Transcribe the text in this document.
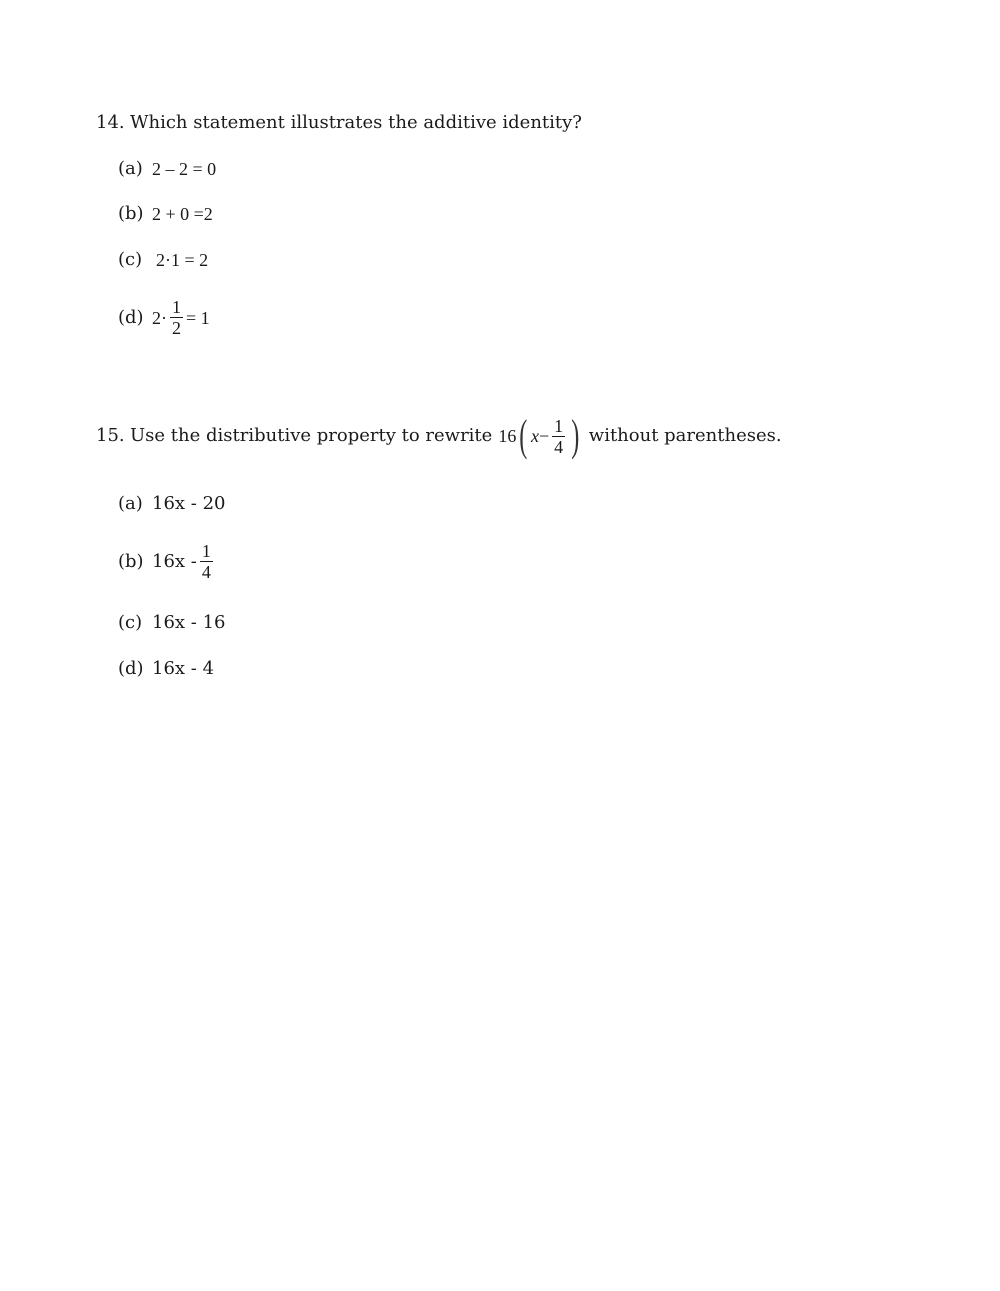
14. Which statement illustrates the additive identity?
(a) 2 – 2 = 0
(b) 2 + 0 =2
(c) 2·1 = 2
(d) $2\cdot \frac{1}{2} = 1$
15. Use the distributive property to rewrite 16 ( $x - \frac{1}{4}$ ) without parentheses.
(a) 16x - 20
(b) $16x - \frac{1}{4}$
(c) 16x - 16
(d) 16x - 4
